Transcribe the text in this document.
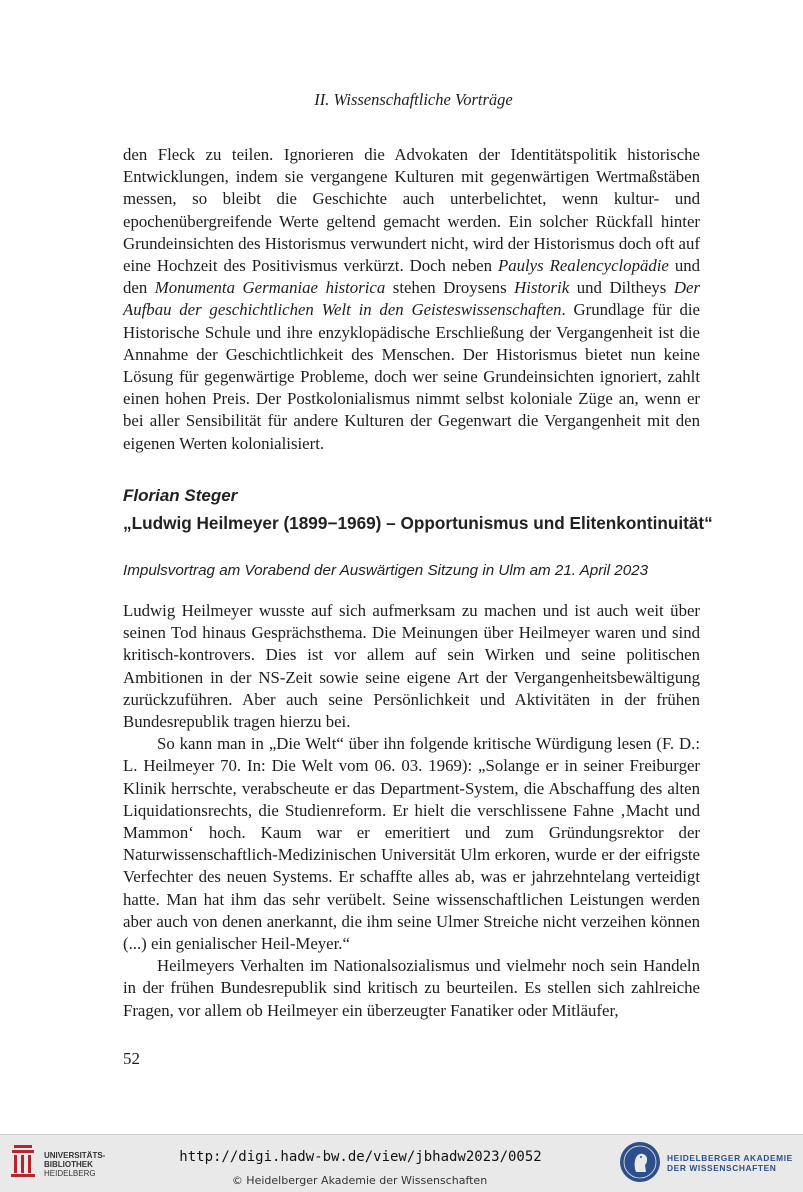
II. Wissenschaftliche Vorträge

den Fleck zu teilen. Ignorieren die Advokaten der Identitätspolitik historische Entwicklungen, indem sie vergangene Kulturen mit gegenwärtigen Wertmaßstäben messen, so bleibt die Geschichte auch unterbelichtet, wenn kultur- und epochenübergreifende Werte geltend gemacht werden. Ein solcher Rückfall hinter Grundeinsichten des Historismus verwundert nicht, wird der Historismus doch oft auf eine Hochzeit des Positivismus verkürzt. Doch neben Paulys Realencyclopädie und den Monumenta Germaniae historica stehen Droysens Historik und Diltheys Der Aufbau der geschichtlichen Welt in den Geisteswissenschaften. Grundlage für die Historische Schule und ihre enzyklopädische Erschließung der Vergangenheit ist die Annahme der Geschichtlichkeit des Menschen. Der Historismus bietet nun keine Lösung für gegenwärtige Probleme, doch wer seine Grundeinsichten ignoriert, zahlt einen hohen Preis. Der Postkolonialismus nimmt selbst koloniale Züge an, wenn er bei aller Sensibilität für andere Kulturen der Gegenwart die Vergangenheit mit den eigenen Werten kolonialisiert.

Florian Steger
„Ludwig Heilmeyer (1899−1969) – Opportunismus und Elitenkontinuität“
Impulsvortrag am Vorabend der Auswärtigen Sitzung in Ulm am 21. April 2023

Ludwig Heilmeyer wusste auf sich aufmerksam zu machen und ist auch weit über seinen Tod hinaus Gesprächsthema. Die Meinungen über Heilmeyer waren und sind kritisch-kontrovers. Dies ist vor allem auf sein Wirken und seine politischen Ambitionen in der NS-Zeit sowie seine eigene Art der Vergangenheitsbewältigung zurückzuführen. Aber auch seine Persönlichkeit und Aktivitäten in der frühen Bundesrepublik tragen hierzu bei.

So kann man in „Die Welt“ über ihn folgende kritische Würdigung lesen (F. D.: L. Heilmeyer 70. In: Die Welt vom 06. 03. 1969): „Solange er in seiner Freiburger Klinik herrschte, verabscheute er das Department-System, die Abschaffung des alten Liquidationsrechts, die Studienreform. Er hielt die verschlissene Fahne ‚Macht und Mammon‘ hoch. Kaum war er emeritiert und zum Gründungsrektor der Naturwissenschaftlich-Medizinischen Universität Ulm erkoren, wurde er der eifrigste Verfechter des neuen Systems. Er schaffte alles ab, was er jahrzehntelang verteidigt hatte. Man hat ihm das sehr verübelt. Seine wissenschaftlichen Leistungen werden aber auch von denen anerkannt, die ihm seine Ulmer Streiche nicht verzeihen können (...) ein genialischer Heil-Meyer.“

Heilmeyers Verhalten im Nationalsozialismus und vielmehr noch sein Handeln in der frühen Bundesrepublik sind kritisch zu beurteilen. Es stellen sich zahlreiche Fragen, vor allem ob Heilmeyer ein überzeugter Fanatiker oder Mitläufer,

52
UNIVERSITÄTS-
BIBLIOTHEK
HEIDELBERG
http://digi.hadw-bw.de/view/jbhadw2023/0052
© Heidelberger Akademie der Wissenschaften
HEIDELBERGER AKADEMIE
DER WISSENSCHAFTEN
